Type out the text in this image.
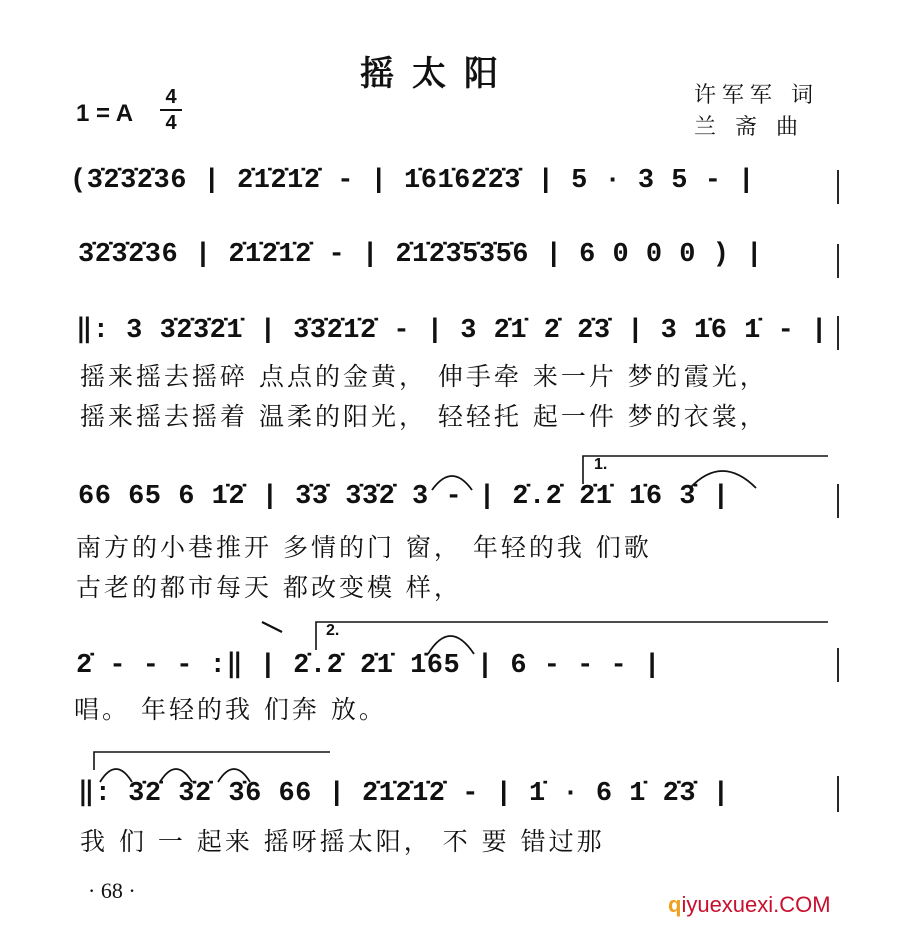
摇太阳
许军军 词
兰 斋 曲
1 = A
4
4
(3̇2̇3̇2̇36 | 2̇1̇2̇1̇2̇ - | 1̇61̇62̇2̇3̇ | 5 · 3 5 - |
3̇2̇3̇2̇36 | 2̇1̇2̇1̇2̇ - | 2̇1̇2̇3̇5̇3̇5̇6 | 6 0 0 0 ) |
‖: 3 3̇2̇3̇2̇1̇ | 3̇3̇2̇1̇2̇ - | 3 2̇1̇ 2̇ 2̇3̇ | 3 1̇6 1̇ - |
摇来摇去摇碎 点点的金黄， 伸手牵 来一片 梦的霞光，
摇来摇去摇着 温柔的阳光， 轻轻托 起一件 梦的衣裳，
66 65 6 1̇2̇ | 3̇3̇ 3̇3̇2̇ 3 - | 2̇.2̇ 2̇1̇ 1̇6 3̇ |
南方的小巷推开 多情的门 窗， 年轻的我 们歌
古老的都市每天 都改变模 样，
2̇ - - - :‖ | 2̇.2̇ 2̇1̇ 1̇65 | 6 - - - |
唱。 年轻的我 们奔 放。
‖: 3̇2̇ 3̇2̇ 3̇6 66 | 2̇1̇2̇1̇2̇ - | 1̇ · 6 1̇ 2̇3̇ |
我 们 一 起来 摇呀摇太阳， 不 要 错过那
1.
2.
· 68 ·
qiyuexuexi.COM
